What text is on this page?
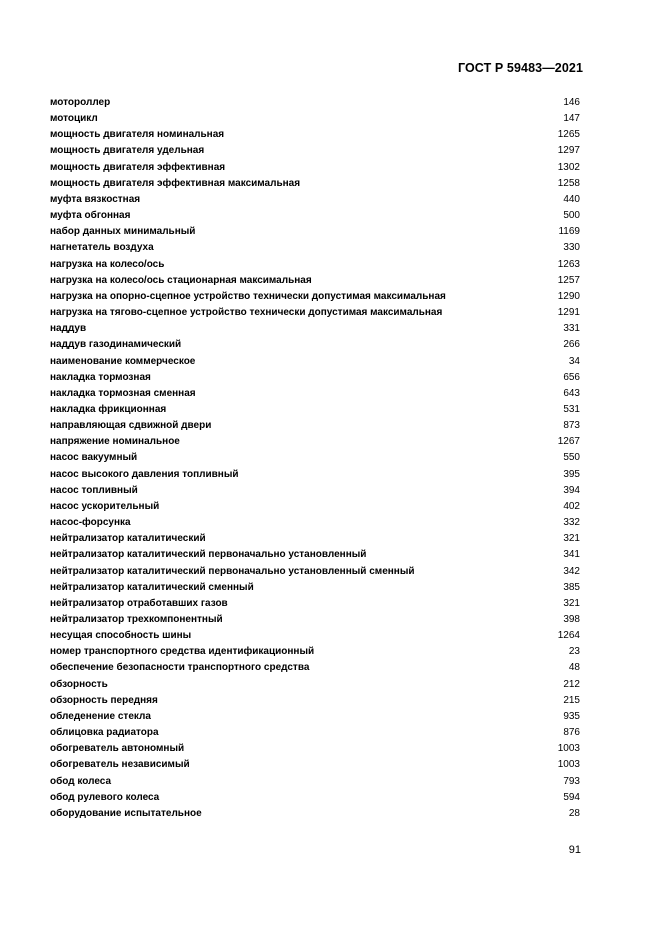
ГОСТ Р 59483—2021
мотороллер	146
мотоцикл	147
мощность двигателя номинальная	1265
мощность двигателя удельная	1297
мощность двигателя эффективная	1302
мощность двигателя эффективная максимальная	1258
муфта вязкостная	440
муфта обгонная	500
набор данных минимальный	1169
нагнетатель воздуха	330
нагрузка на колесо/ось	1263
нагрузка на колесо/ось стационарная максимальная	1257
нагрузка на опорно-сцепное устройство технически допустимая максимальная	1290
нагрузка на тягово-сцепное устройство технически допустимая максимальная	1291
наддув	331
наддув газодинамический	266
наименование коммерческое	34
накладка тормозная	656
накладка тормозная сменная	643
накладка фрикционная	531
направляющая сдвижной двери	873
напряжение номинальное	1267
насос вакуумный	550
насос высокого давления топливный	395
насос топливный	394
насос ускорительный	402
насос-форсунка	332
нейтрализатор каталитический	321
нейтрализатор каталитический первоначально установленный	341
нейтрализатор каталитический первоначально установленный сменный	342
нейтрализатор каталитический сменный	385
нейтрализатор отработавших газов	321
нейтрализатор трехкомпонентный	398
несущая способность шины	1264
номер транспортного средства идентификационный	23
обеспечение безопасности транспортного средства	48
обзорность	212
обзорность передняя	215
обледенение стекла	935
облицовка радиатора	876
обогреватель автономный	1003
обогреватель независимый	1003
обод колеса	793
обод рулевого колеса	594
оборудование испытательное	28
91
